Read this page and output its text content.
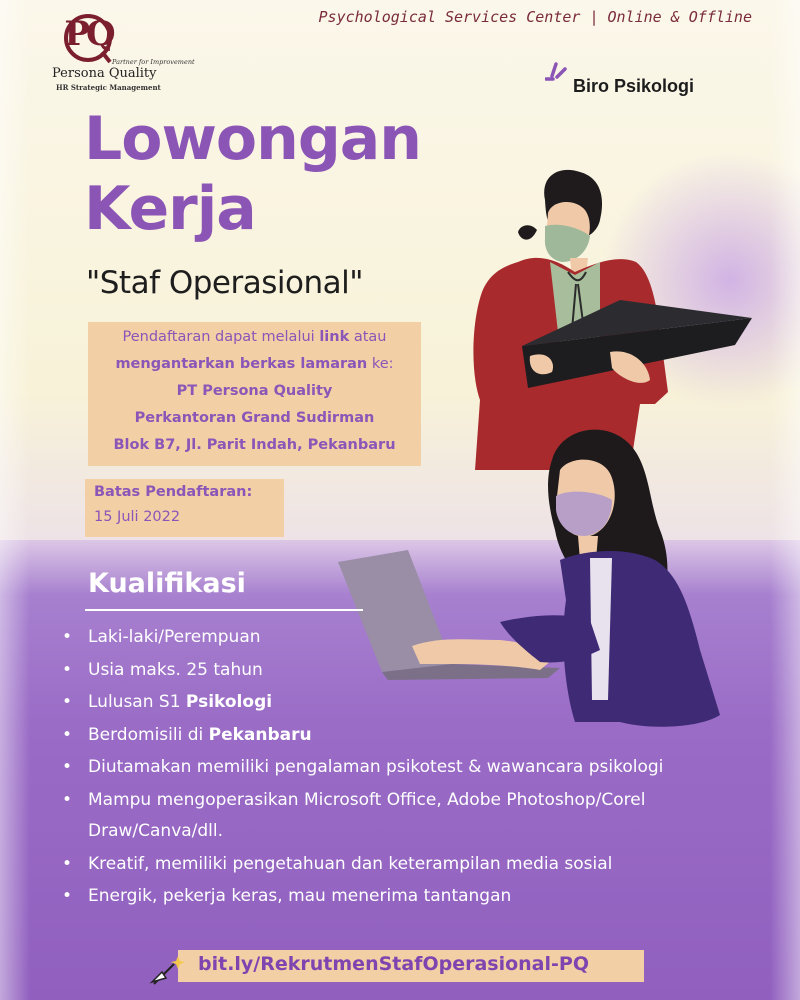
PQ
Partner for Improvement
Persona Quality
HR Strategic Management
Psychological Services Center | Online & Offline
Biro Psikologi
Lowongan
Kerja
"Staf Operasional"
Pendaftaran dapat melalui link atau
mengantarkan berkas lamaran ke:
PT Persona Quality
Perkantoran Grand Sudirman
Blok B7, Jl. Parit Indah, Pekanbaru
Batas Pendaftaran:
15 Juli 2022
Kualifikasi
• Laki-laki/Perempuan
• Usia maks. 25 tahun
• Lulusan S1 Psikologi
• Berdomisili di Pekanbaru
• Diutamakan memiliki pengalaman psikotest & wawancara psikologi
• Mampu mengoperasikan Microsoft Office, Adobe Photoshop/Corel Draw/Canva/dll.
• Kreatif, memiliki pengetahuan dan keterampilan media sosial
• Energik, pekerja keras, mau menerima tantangan
bit.ly/RekrutmenStafOperasional-PQ
